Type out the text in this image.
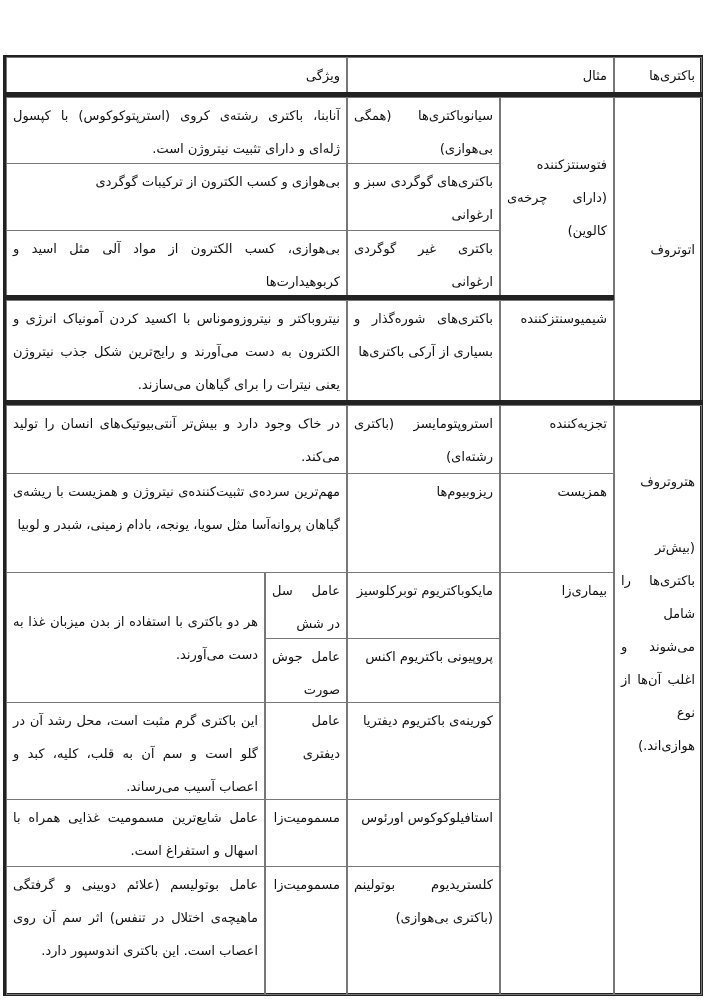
باکتری‌ها
مثال
ویژگی
اتوتروف
فتوسنتزکننده (دارای چرخه‌ی کالوین)
سیانوباکتری‌ها (همگی بی‌هوازی)
آنابنا، باکتری رشته‌ی کروی (استرپتوکوکوس) با کپسول ژله‌ای و دارای تثبیت نیتروژن است.
باکتری‌های گوگردی سبز و ارغوانی
بی‌هوازی و کسب الکترون از ترکیبات گوگردی
باکتری غیر گوگردی ارغوانی
بی‌هوازی، کسب الکترون از مواد آلی مثل اسید و کربوهیدارت‌ها
شیمیوسنتزکننده
باکتری‌های شوره‌گذار و بسیاری از آرکی باکتری‌ها
نیتروباکتر و نیتروزوموناس با اکسید کردن آمونیاک انرژی و الکترون به دست می‌آورند و رایج‌ترین شکل جذب نیتروژن یعنی نیترات را برای گیاهان می‌سازند.
هتروتروف
(بیش‌تر باکتری‌ها را شامل می‌شوند و اغلب آن‌ها از نوع هوازی‌اند.)
تجزیه‌کننده
استروپتومایسز (باکتری رشته‌ای)
در خاک وجود دارد و بیش‌تر آنتی‌بیوتیک‌های انسان را تولید می‌کند.
همزیست
ریزوبیوم‌ها
مهم‌ترین سرده‌ی تثبیت‌کننده‌ی نیتروژن و همزیست با ریشه‌ی گیاهان پروانه‌آسا مثل سویا، یونجه، بادام زمینی، شبدر و لوبیا
بیماری‌زا
مایکوباکتریوم توبرکلوسیز
عامل سل در شش
پروپیونی باکتریوم اکنس
عامل جوش صورت
هر دو باکتری با استفاده از بدن میزبان غذا به دست می‌آورند.
کورینه‌ی باکتریوم دیفتریا
عامل دیفتری
این باکتری گرم مثبت است، محل رشد آن در گلو است و سم آن به قلب، کلیه، کبد و اعصاب آسیب می‌رساند.
استافیلوکوکوس اورئوس
مسمومیت‌زا
عامل شایع‌ترین مسمومیت غذایی همراه با اسهال و استفراغ است.
کلستریدیوم بوتولینم (باکتری بی‌هوازی)
مسمومیت‌زا
عامل بوتولیسم (علائم دوبینی و گرفتگی ماهیچه‌ی اختلال در تنفس) اثر سم آن روی اعصاب است. این باکتری اندوسپور دارد.
